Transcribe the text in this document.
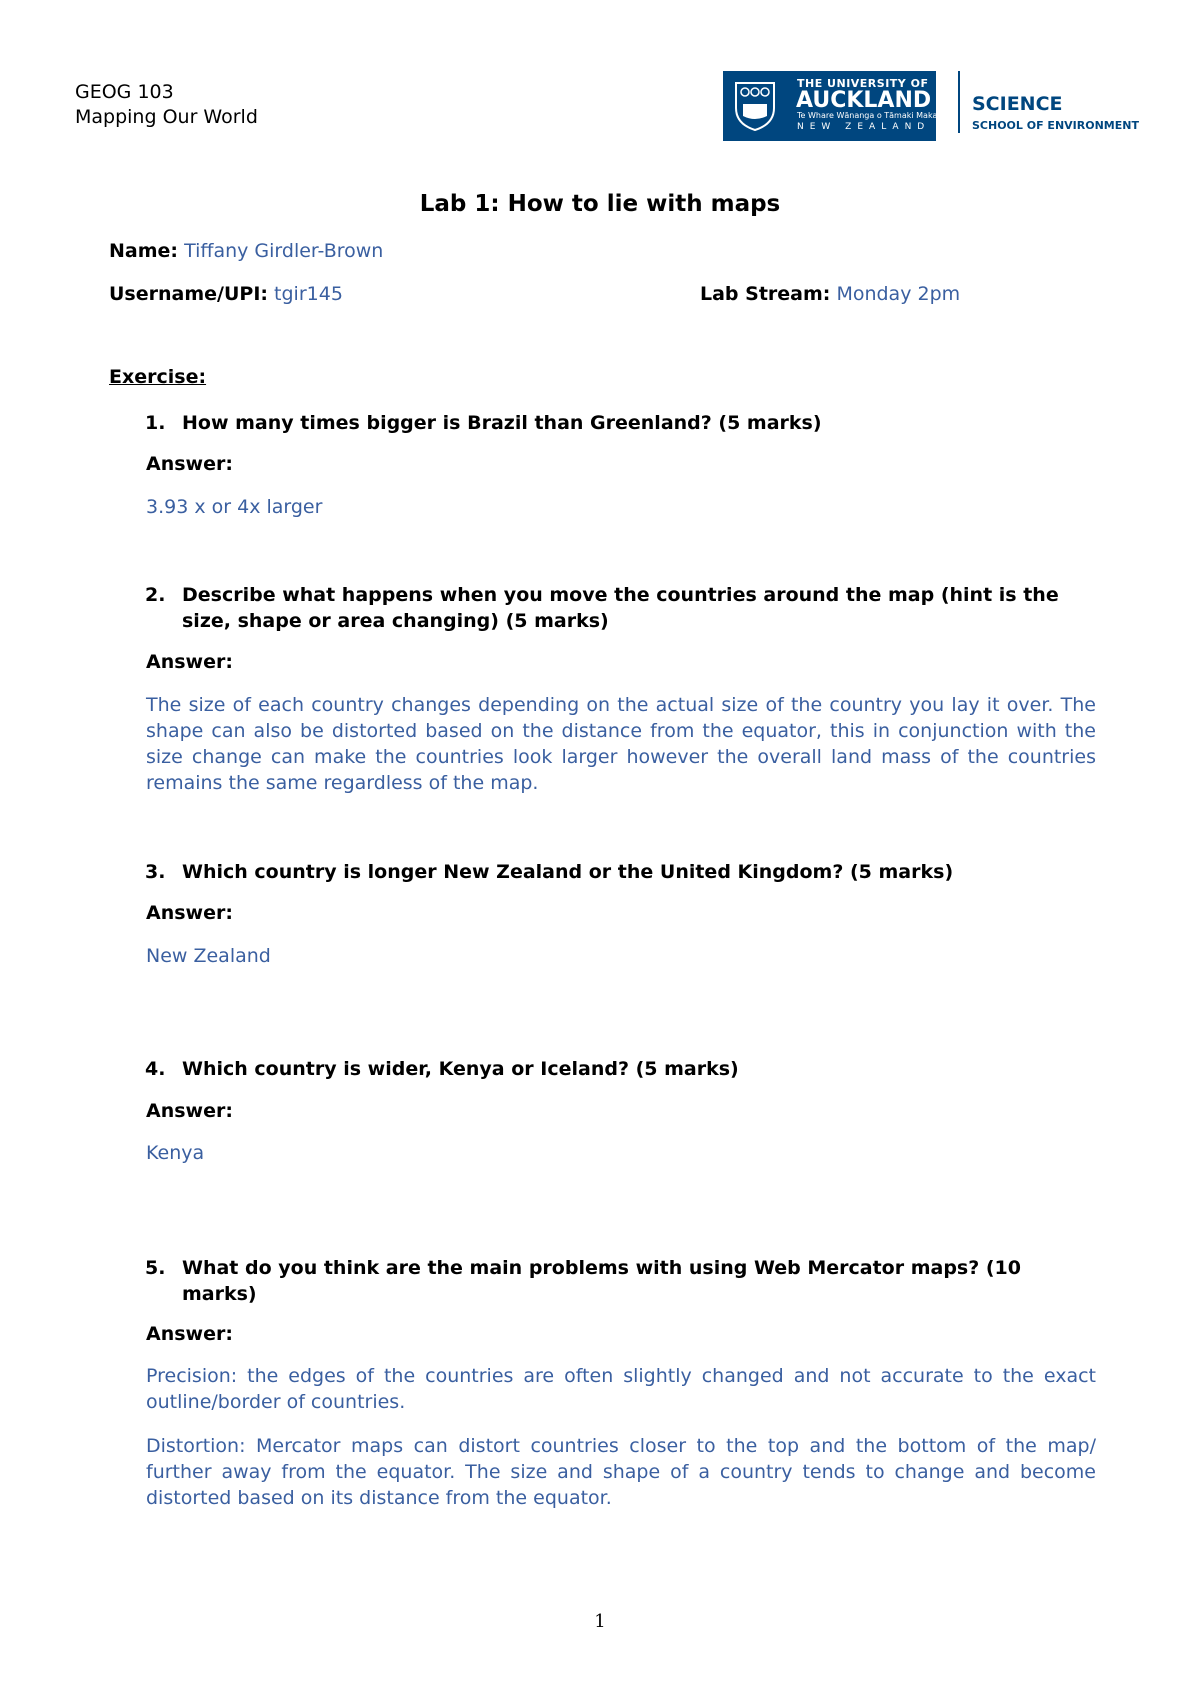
GEOG 103
Mapping Our World
THE UNIVERSITY OF
AUCKLAND
Te Whare Wānanga o Tāmaki Makaurau
NEW ZEALAND
SCIENCE
SCHOOL OF ENVIRONMENT
Lab 1: How to lie with maps
Name: Tiffany Girdler-Brown
Username/UPI: tgir145	Lab Stream: Monday 2pm
Exercise:
1. How many times bigger is Brazil than Greenland? (5 marks)
Answer:
3.93 x or 4x larger
2. Describe what happens when you move the countries around the map (hint is the size, shape or area changing) (5 marks)
Answer:
The size of each country changes depending on the actual size of the country you lay it over. The shape can also be distorted based on the distance from the equator, this in conjunction with the size change can make the countries look larger however the overall land mass of the countries remains the same regardless of the map.
3. Which country is longer New Zealand or the United Kingdom? (5 marks)
Answer:
New Zealand
4. Which country is wider, Kenya or Iceland? (5 marks)
Answer:
Kenya
5. What do you think are the main problems with using Web Mercator maps? (10 marks)
Answer:
Precision: the edges of the countries are often slightly changed and not accurate to the exact outline/border of countries.
Distortion: Mercator maps can distort countries closer to the top and the bottom of the map/ further away from the equator. The size and shape of a country tends to change and become distorted based on its distance from the equator.
1
